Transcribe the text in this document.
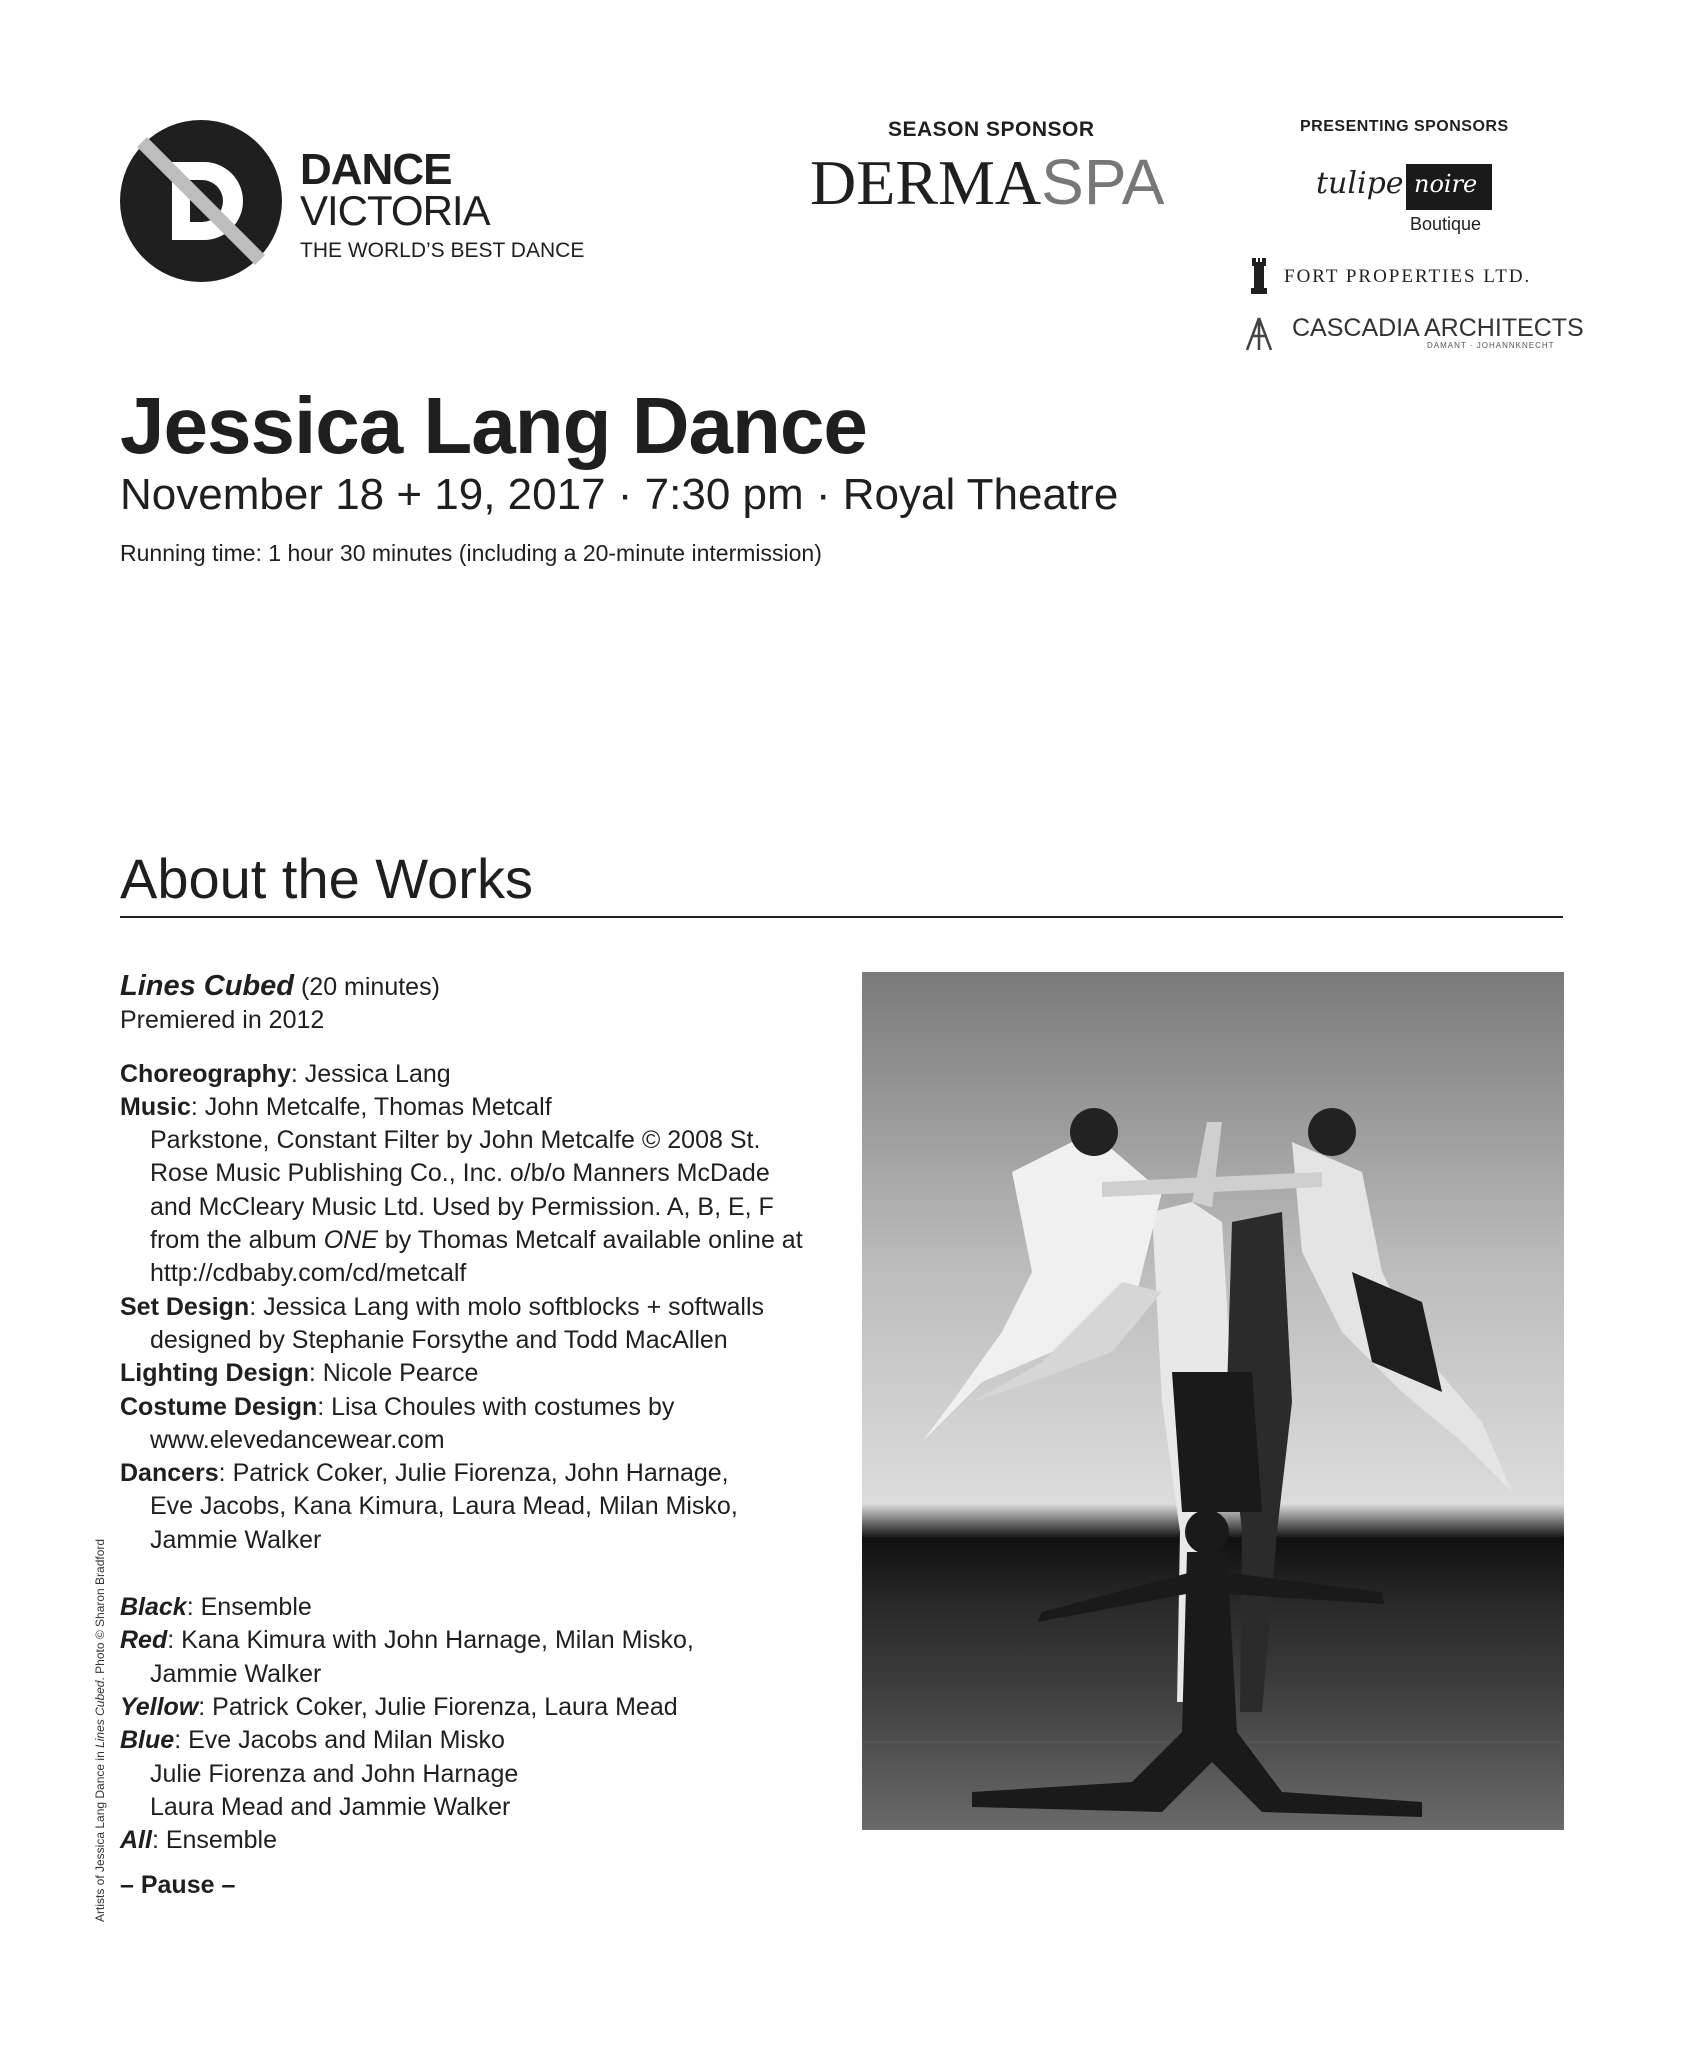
DANCE
VICTORIA
THE WORLD’S BEST DANCE
SEASON SPONSOR
DERMASPA
PRESENTING SPONSORS
tulipe noire
Boutique
FORT PROPERTIES LTD.
CASCADIA ARCHITECTS
DAMANT · JOHANNKNECHT
Jessica Lang Dance
November 18 + 19, 2017 · 7:30 pm · Royal Theatre
Running time: 1 hour 30 minutes (including a 20-minute intermission)
About the Works

Lines Cubed (20 minutes)

Premiered in 2012

Choreography: Jessica Lang

Music: John Metcalfe, Thomas Metcalf

Parkstone, Constant Filter by John Metcalfe © 2008 St.

Rose Music Publishing Co., Inc. o/b/o Manners McDade

and McCleary Music Ltd. Used by Permission. A, B, E, F

from the album ONE by Thomas Metcalf available online at

http://cdbaby.com/cd/metcalf

Set Design: Jessica Lang with molo softblocks + softwalls

designed by Stephanie Forsythe and Todd MacAllen

Lighting Design: Nicole Pearce

Costume Design: Lisa Choules with costumes by

www.elevedancewear.com

Dancers: Patrick Coker, Julie Fiorenza, John Harnage,

Eve Jacobs, Kana Kimura, Laura Mead, Milan Misko,

Jammie Walker

Black: Ensemble

Red: Kana Kimura with John Harnage, Milan Misko,

Jammie Walker

Yellow: Patrick Coker, Julie Fiorenza, Laura Mead

Blue: Eve Jacobs and Milan Misko

Julie Fiorenza and John Harnage

Laura Mead and Jammie Walker

All: Ensemble

– Pause –

Artists of Jessica Lang Dance in Lines Cubed. Photo © Sharon Bradford
